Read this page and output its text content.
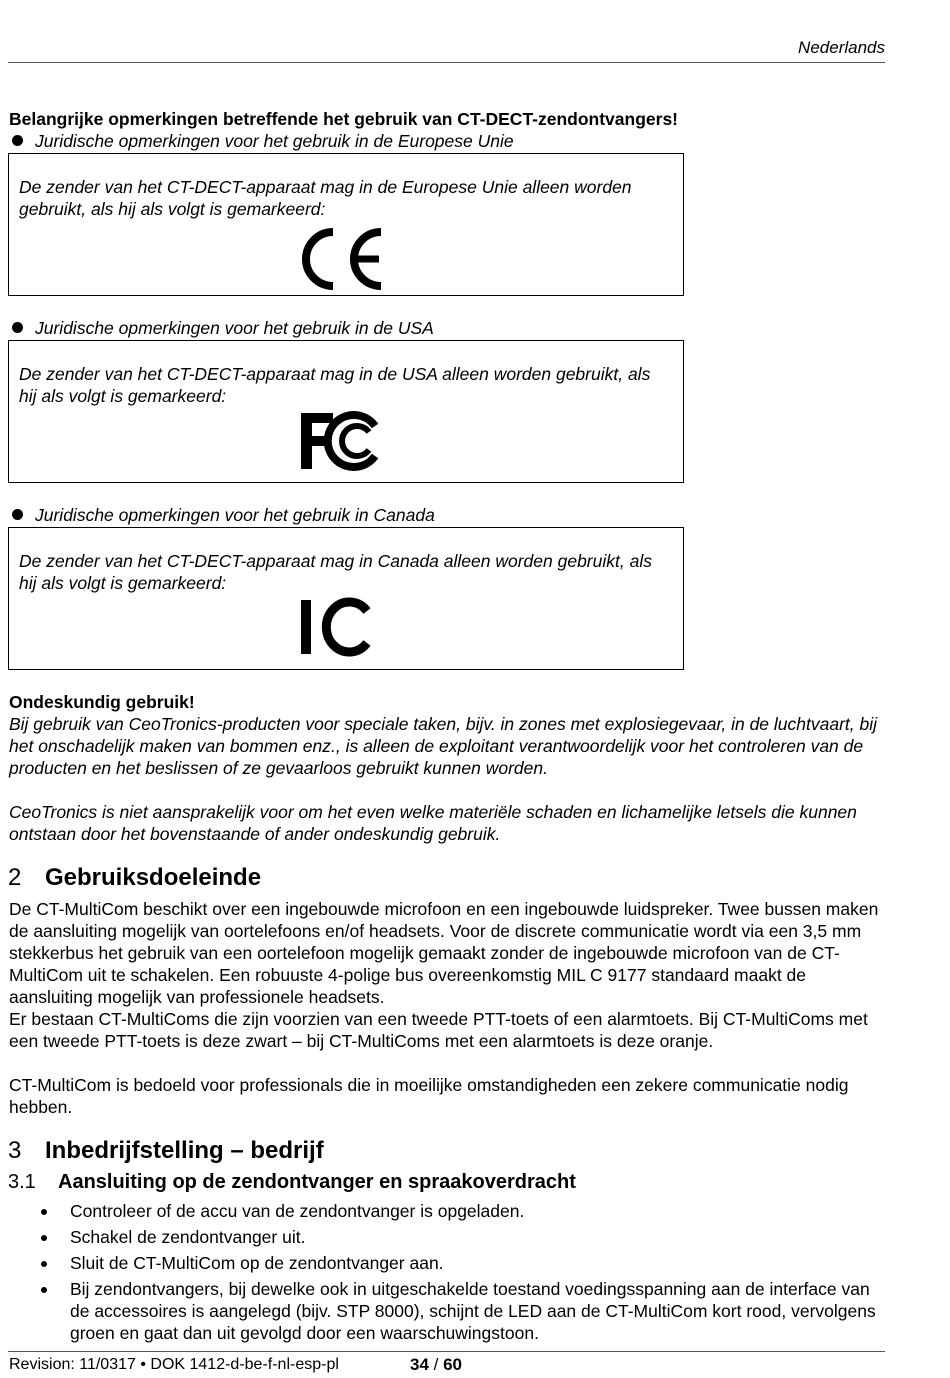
Nederlands
Belangrijke opmerkingen betreffende het gebruik van CT-DECT-zendontvangers!
Juridische opmerkingen voor het gebruik in de Europese Unie
De zender van het CT-DECT-apparaat mag in de Europese Unie alleen worden gebruikt, als hij als volgt is gemarkeerd:
Juridische opmerkingen voor het gebruik in de USA
De zender van het CT-DECT-apparaat mag in de USA alleen worden gebruikt, als hij als volgt is gemarkeerd:
Juridische opmerkingen voor het gebruik in Canada
De zender van het CT-DECT-apparaat mag in Canada alleen worden gebruikt, als hij als volgt is gemarkeerd:
Ondeskundig gebruik!
Bij gebruik van CeoTronics-producten voor speciale taken, bijv. in zones met explosiegevaar, in de luchtvaart, bij het onschadelijk maken van bommen enz., is alleen de exploitant verantwoordelijk voor het controleren van de producten en het beslissen of ze gevaarloos gebruikt kunnen worden.
CeoTronics is niet aansprakelijk voor om het even welke materiële schaden en lichamelijke letsels die kunnen ontstaan door het bovenstaande of ander ondeskundig gebruik.
2 Gebruiksdoeleinde
De CT-MultiCom beschikt over een ingebouwde microfoon en een ingebouwde luidspreker. Twee bussen maken de aansluiting mogelijk van oortelefoons en/of headsets. Voor de discrete communicatie wordt via een 3,5 mm stekkerbus het gebruik van een oortelefoon mogelijk gemaakt zonder de ingebouwde microfoon van de CT-MultiCom uit te schakelen. Een robuuste 4-polige bus overeenkomstig MIL C 9177 standaard maakt de aansluiting mogelijk van professionele headsets.
Er bestaan CT-MultiComs die zijn voorzien van een tweede PTT-toets of een alarmtoets. Bij CT-MultiComs met een tweede PTT-toets is deze zwart – bij CT-MultiComs met een alarmtoets is deze oranje.
CT-MultiCom is bedoeld voor professionals die in moeilijke omstandigheden een zekere communicatie nodig hebben.
3 Inbedrijfstelling – bedrijf
3.1 Aansluiting op de zendontvanger en spraakoverdracht
Controleer of de accu van de zendontvanger is opgeladen.
Schakel de zendontvanger uit.
Sluit de CT-MultiCom op de zendontvanger aan.
Bij zendontvangers, bij dewelke ook in uitgeschakelde toestand voedingsspanning aan de interface van de accessoires is aangelegd (bijv. STP 8000), schijnt de LED aan de CT-MultiCom kort rood, vervolgens groen en gaat dan uit gevolgd door een waarschuwingstoon.
Revision: 11/0317 • DOK 1412-d-be-f-nl-esp-pl	34 / 60
